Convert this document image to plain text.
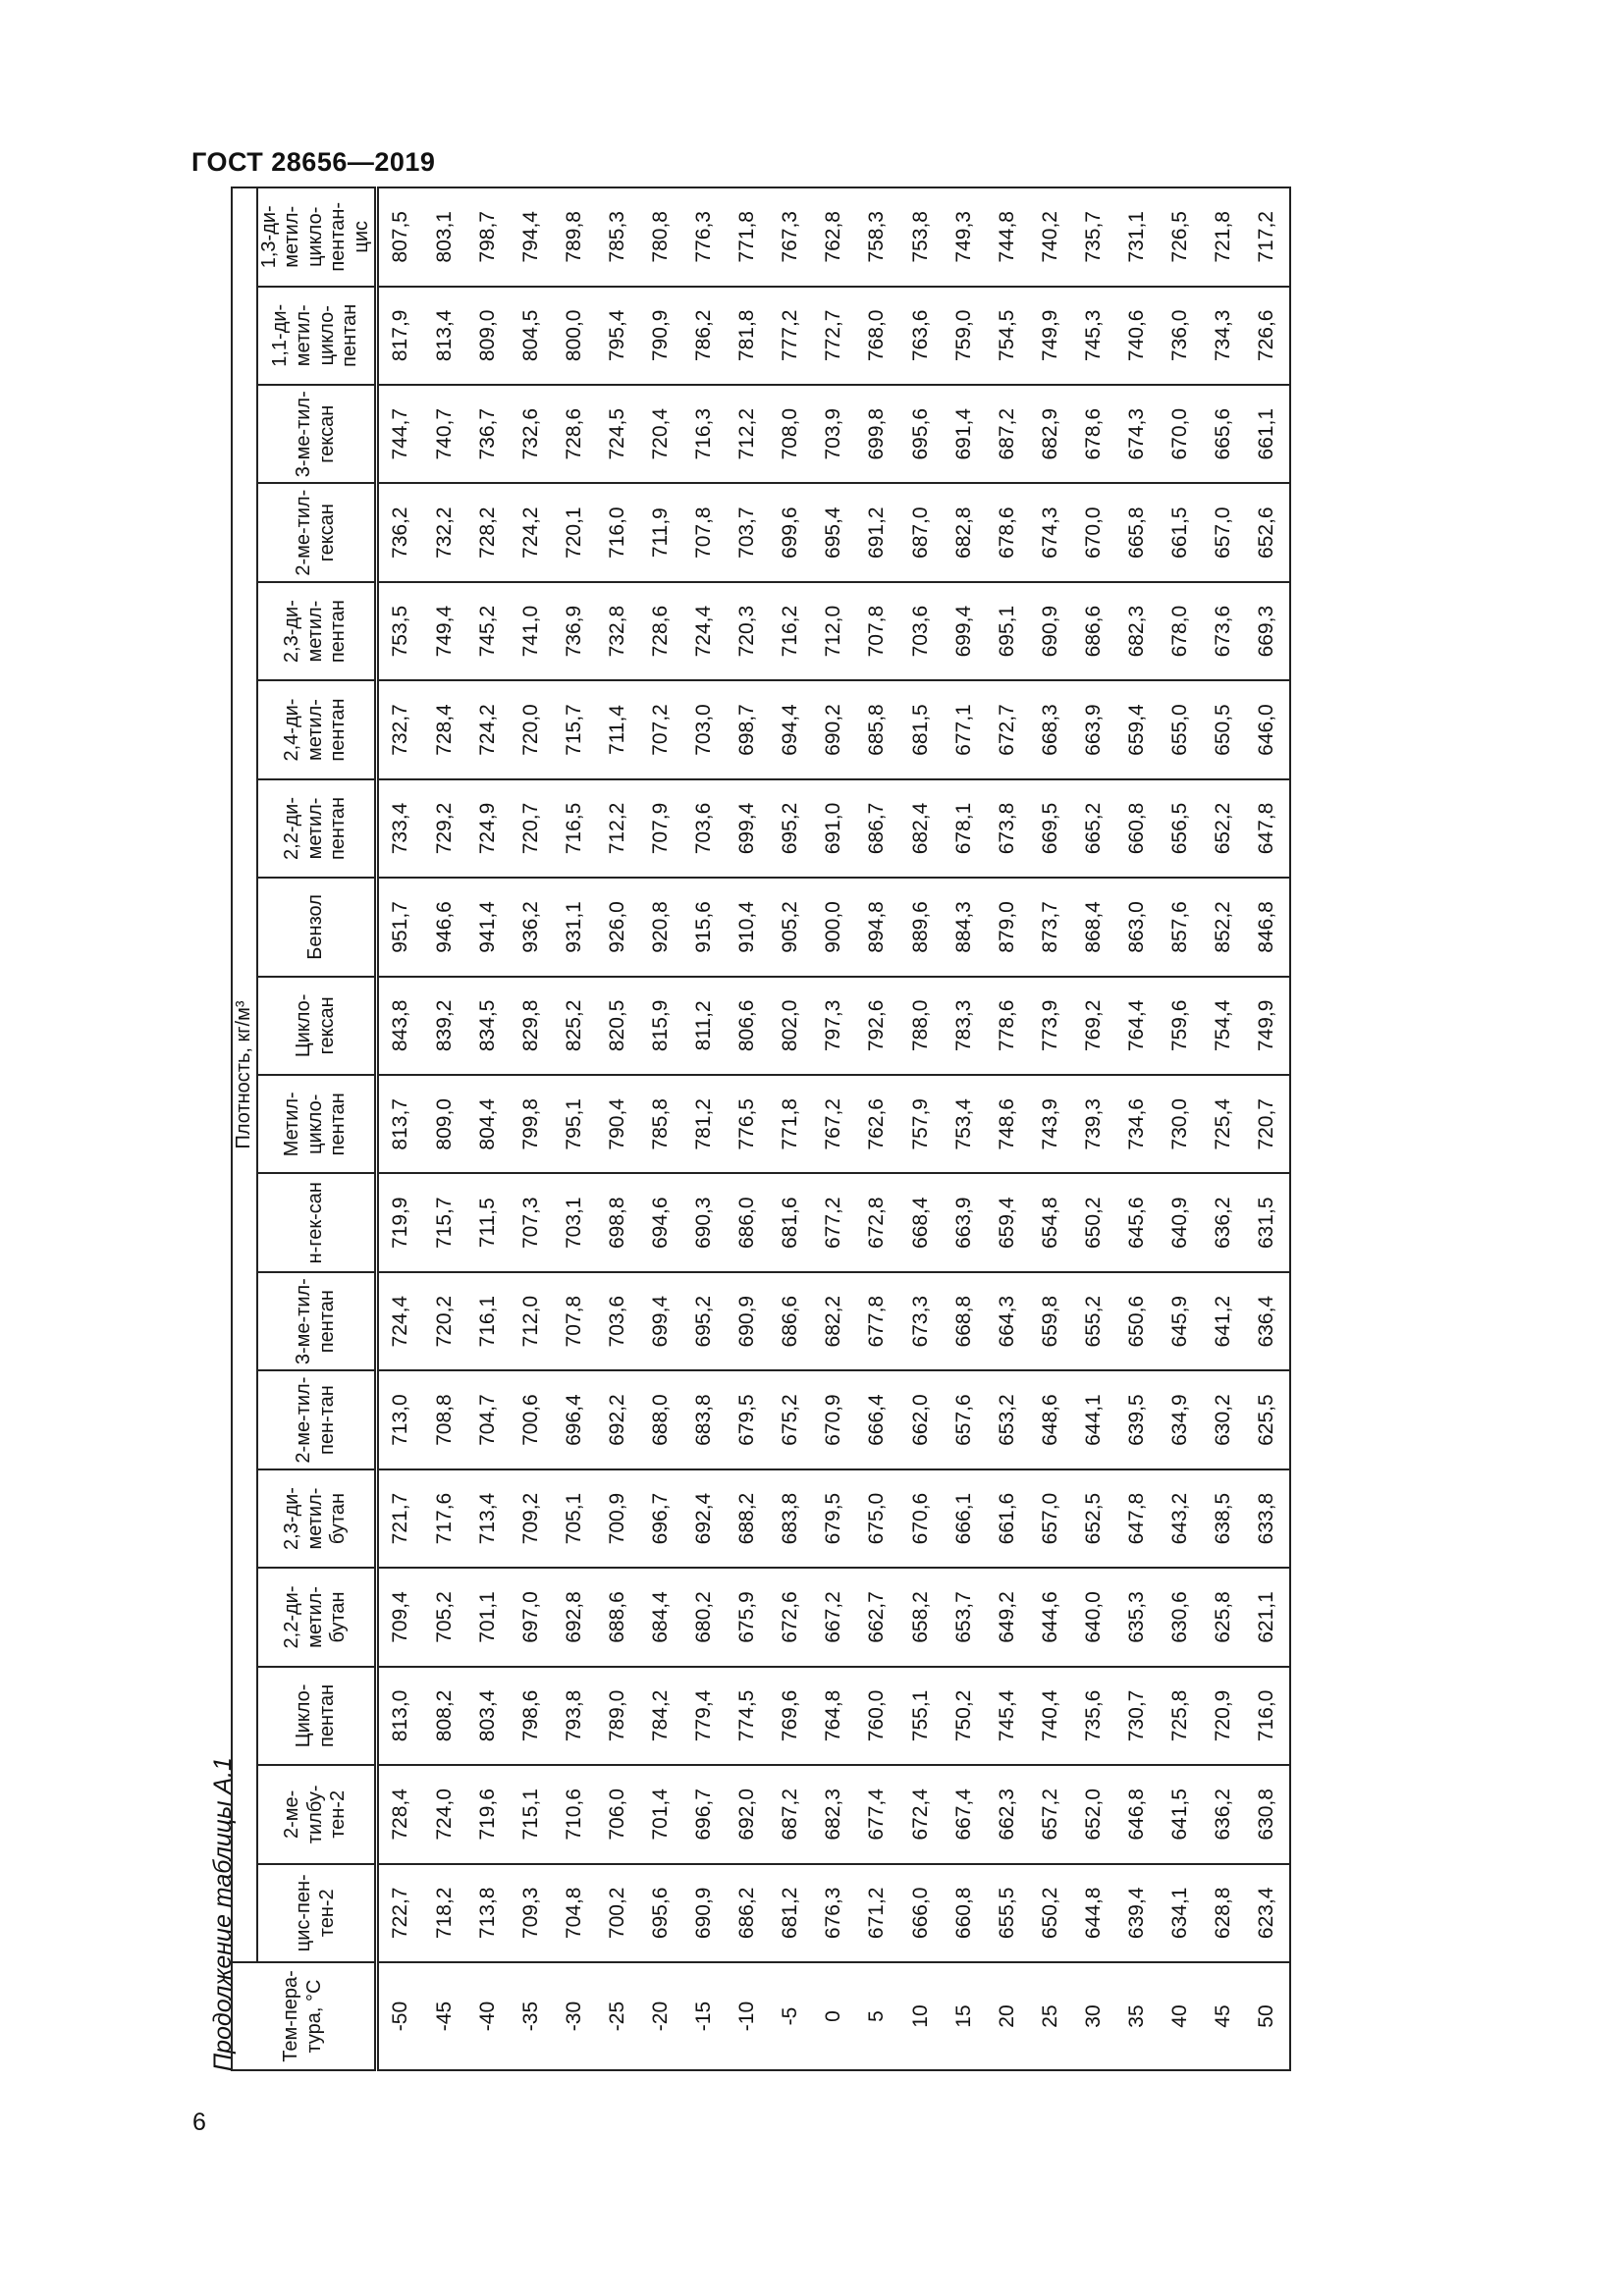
ГОСТ 28656—2019
Продолжение таблицы А.1 Тем-пера-тура, °C	Плотность, кг/м³																	
	цис-пен-тен-2	2-ме-тилбу-тен-2	Цикло-пентан	2,2-ди-метил-бутан	2,3-ди-метил-бутан	2-ме-тил-пен-тан	3-ме-тил-пентан	н-гек-сан	Метил-цикло-пентан	Цикло-гексан	Бензол	2,2-ди-метил-пентан	2,4-ди-метил-пентан	2,3-ди-метил-пентан	2-ме-тил-гексан	3-ме-тил-гексан	1,1-ди-метил-цикло-пентан	1,3-ди-метил-цикло-пентан-цис
-50	722,7	728,4	813,0	709,4	721,7	713,0	724,4	719,9	813,7	843,8	951,7	733,4	732,7	753,5	736,2	744,7	817,9	807,5
-45	718,2	724,0	808,2	705,2	717,6	708,8	720,2	715,7	809,0	839,2	946,6	729,2	728,4	749,4	732,2	740,7	813,4	803,1
-40	713,8	719,6	803,4	701,1	713,4	704,7	716,1	711,5	804,4	834,5	941,4	724,9	724,2	745,2	728,2	736,7	809,0	798,7
-35	709,3	715,1	798,6	697,0	709,2	700,6	712,0	707,3	799,8	829,8	936,2	720,7	720,0	741,0	724,2	732,6	804,5	794,4
-30	704,8	710,6	793,8	692,8	705,1	696,4	707,8	703,1	795,1	825,2	931,1	716,5	715,7	736,9	720,1	728,6	800,0	789,8
-25	700,2	706,0	789,0	688,6	700,9	692,2	703,6	698,8	790,4	820,5	926,0	712,2	711,4	732,8	716,0	724,5	795,4	785,3
-20	695,6	701,4	784,2	684,4	696,7	688,0	699,4	694,6	785,8	815,9	920,8	707,9	707,2	728,6	711,9	720,4	790,9	780,8
-15	690,9	696,7	779,4	680,2	692,4	683,8	695,2	690,3	781,2	811,2	915,6	703,6	703,0	724,4	707,8	716,3	786,2	776,3
-10	686,2	692,0	774,5	675,9	688,2	679,5	690,9	686,0	776,5	806,6	910,4	699,4	698,7	720,3	703,7	712,2	781,8	771,8
-5	681,2	687,2	769,6	672,6	683,8	675,2	686,6	681,6	771,8	802,0	905,2	695,2	694,4	716,2	699,6	708,0	777,2	767,3
0	676,3	682,3	764,8	667,2	679,5	670,9	682,2	677,2	767,2	797,3	900,0	691,0	690,2	712,0	695,4	703,9	772,7	762,8
5	671,2	677,4	760,0	662,7	675,0	666,4	677,8	672,8	762,6	792,6	894,8	686,7	685,8	707,8	691,2	699,8	768,0	758,3
10	666,0	672,4	755,1	658,2	670,6	662,0	673,3	668,4	757,9	788,0	889,6	682,4	681,5	703,6	687,0	695,6	763,6	753,8
15	660,8	667,4	750,2	653,7	666,1	657,6	668,8	663,9	753,4	783,3	884,3	678,1	677,1	699,4	682,8	691,4	759,0	749,3
20	655,5	662,3	745,4	649,2	661,6	653,2	664,3	659,4	748,6	778,6	879,0	673,8	672,7	695,1	678,6	687,2	754,5	744,8
25	650,2	657,2	740,4	644,6	657,0	648,6	659,8	654,8	743,9	773,9	873,7	669,5	668,3	690,9	674,3	682,9	749,9	740,2
30	644,8	652,0	735,6	640,0	652,5	644,1	655,2	650,2	739,3	769,2	868,4	665,2	663,9	686,6	670,0	678,6	745,3	735,7
35	639,4	646,8	730,7	635,3	647,8	639,5	650,6	645,6	734,6	764,4	863,0	660,8	659,4	682,3	665,8	674,3	740,6	731,1
40	634,1	641,5	725,8	630,6	643,2	634,9	645,9	640,9	730,0	759,6	857,6	656,5	655,0	678,0	661,5	670,0	736,0	726,5
45	628,8	636,2	720,9	625,8	638,5	630,2	641,2	636,2	725,4	754,4	852,2	652,2	650,5	673,6	657,0	665,6	734,3	721,8
50	623,4	630,8	716,0	621,1	633,8	625,5	636,4	631,5	720,7	749,9	846,8	647,8	646,0	669,3	652,6	661,1	726,6	717,2
6
